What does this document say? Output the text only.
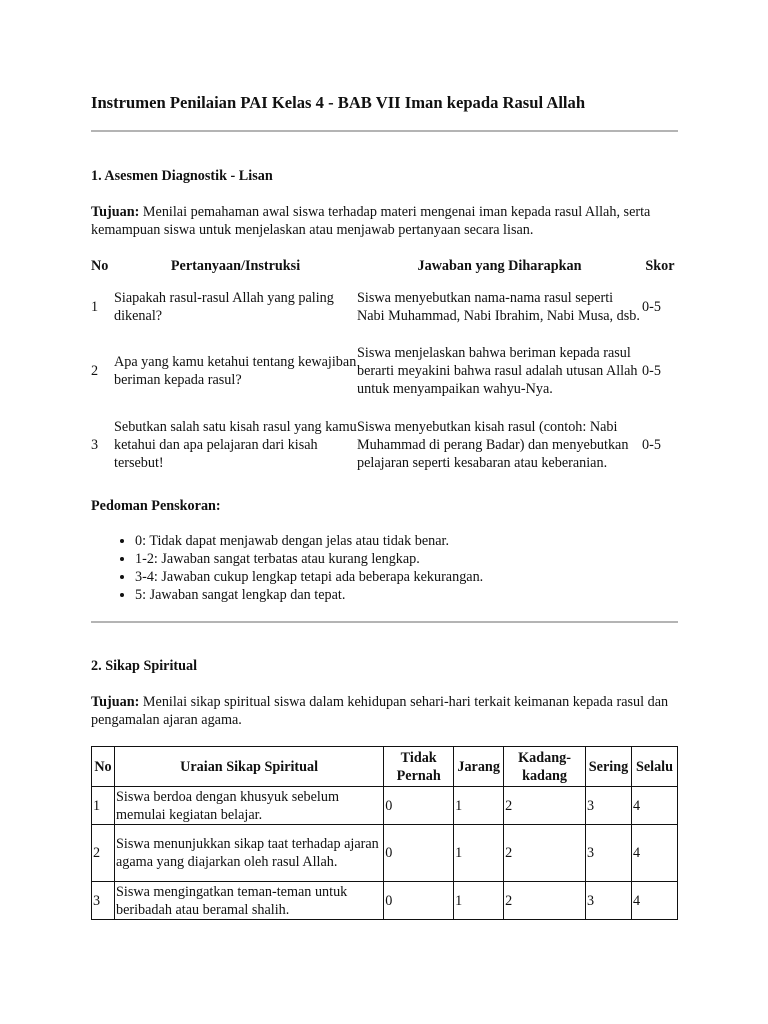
Instrumen Penilaian PAI Kelas 4 - BAB VII Iman kepada Rasul Allah
1. Asesmen Diagnostik - Lisan

Tujuan: Menilai pemahaman awal siswa terhadap materi mengenai iman kepada rasul Allah, serta kemampuan siswa untuk menjelaskan atau menjawab pertanyaan secara lisan.

No	Pertanyaan/Instruksi	Jawaban yang Diharapkan	Skor
1	Siapakah rasul-rasul Allah yang paling dikenal?	Siswa menyebutkan nama-nama rasul seperti Nabi Muhammad, Nabi Ibrahim, Nabi Musa, dsb.	0-5
2	Apa yang kamu ketahui tentang kewajiban beriman kepada rasul?	Siswa menjelaskan bahwa beriman kepada rasul berarti meyakini bahwa rasul adalah utusan Allah untuk menyampaikan wahyu-Nya.	0-5
3	Sebutkan salah satu kisah rasul yang kamu ketahui dan apa pelajaran dari kisah tersebut!	Siswa menyebutkan kisah rasul (contoh: Nabi Muhammad di perang Badar) dan menyebutkan pelajaran seperti kesabaran atau keberanian.	0-5
Pedoman Penskoran:
• 0: Tidak dapat menjawab dengan jelas atau tidak benar.
• 1-2: Jawaban sangat terbatas atau kurang lengkap.
• 3-4: Jawaban cukup lengkap tetapi ada beberapa kekurangan.
• 5: Jawaban sangat lengkap dan tepat.
2. Sikap Spiritual

Tujuan: Menilai sikap spiritual siswa dalam kehidupan sehari-hari terkait keimanan kepada rasul dan pengamalan ajaran agama.

No	Uraian Sikap Spiritual	Tidak Pernah	Jarang	Kadang-kadang	Sering	Selalu
1	Siswa berdoa dengan khusyuk sebelum memulai kegiatan belajar.	0	1	2	3	4
2	Siswa menunjukkan sikap taat terhadap ajaran agama yang diajarkan oleh rasul Allah.	0	1	2	3	4
3	Siswa mengingatkan teman-teman untuk beribadah atau beramal shalih.	0	1	2	3	4
